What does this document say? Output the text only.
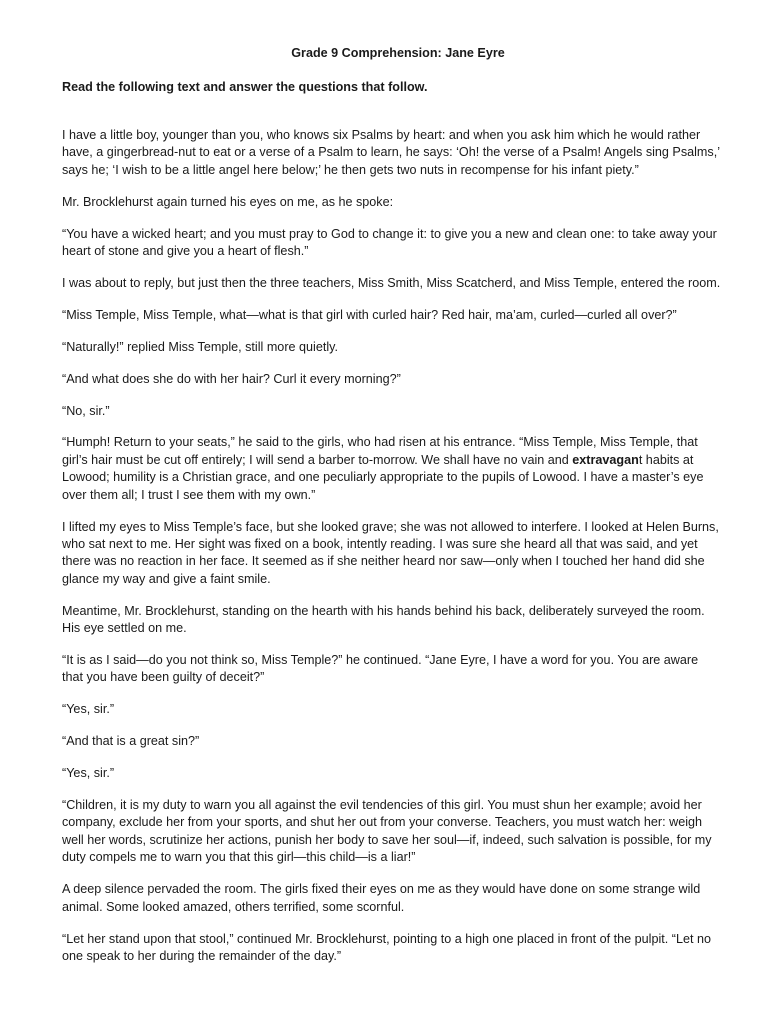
Grade 9 Comprehension: Jane Eyre

Read the following text and answer the questions that follow.

I have a little boy, younger than you, who knows six Psalms by heart: and when you ask him which he would rather have, a gingerbread-nut to eat or a verse of a Psalm to learn, he says: ‘Oh! the verse of a Psalm! Angels sing Psalms,’ says he; ‘I wish to be a little angel here below;’ he then gets two nuts in recompense for his infant piety.”

Mr. Brocklehurst again turned his eyes on me, as he spoke:

“You have a wicked heart; and you must pray to God to change it: to give you a new and clean one: to take away your heart of stone and give you a heart of flesh.”

I was about to reply, but just then the three teachers, Miss Smith, Miss Scatcherd, and Miss Temple, entered the room.

“Miss Temple, Miss Temple, what—what is that girl with curled hair? Red hair, ma’am, curled—curled all over?”

“Naturally!” replied Miss Temple, still more quietly.

“And what does she do with her hair? Curl it every morning?”

“No, sir.”

“Humph! Return to your seats,” he said to the girls, who had risen at his entrance. “Miss Temple, Miss Temple, that girl’s hair must be cut off entirely; I will send a barber to-morrow. We shall have no vain and extravagant habits at Lowood; humility is a Christian grace, and one peculiarly appropriate to the pupils of Lowood. I have a master’s eye over them all; I trust I see them with my own.”

I lifted my eyes to Miss Temple’s face, but she looked grave; she was not allowed to interfere. I looked at Helen Burns, who sat next to me. Her sight was fixed on a book, intently reading. I was sure she heard all that was said, and yet there was no reaction in her face. It seemed as if she neither heard nor saw—only when I touched her hand did she glance my way and give a faint smile.

Meantime, Mr. Brocklehurst, standing on the hearth with his hands behind his back, deliberately surveyed the room. His eye settled on me.

“It is as I said—do you not think so, Miss Temple?” he continued. “Jane Eyre, I have a word for you. You are aware that you have been guilty of deceit?”

“Yes, sir.”

“And that is a great sin?”

“Yes, sir.”

“Children, it is my duty to warn you all against the evil tendencies of this girl. You must shun her example; avoid her company, exclude her from your sports, and shut her out from your converse. Teachers, you must watch her: weigh well her words, scrutinize her actions, punish her body to save her soul—if, indeed, such salvation is possible, for my duty compels me to warn you that this girl—this child—is a liar!”

A deep silence pervaded the room. The girls fixed their eyes on me as they would have done on some strange wild animal. Some looked amazed, others terrified, some scornful.

“Let her stand upon that stool,” continued Mr. Brocklehurst, pointing to a high one placed in front of the pulpit. “Let no one speak to her during the remainder of the day.”
